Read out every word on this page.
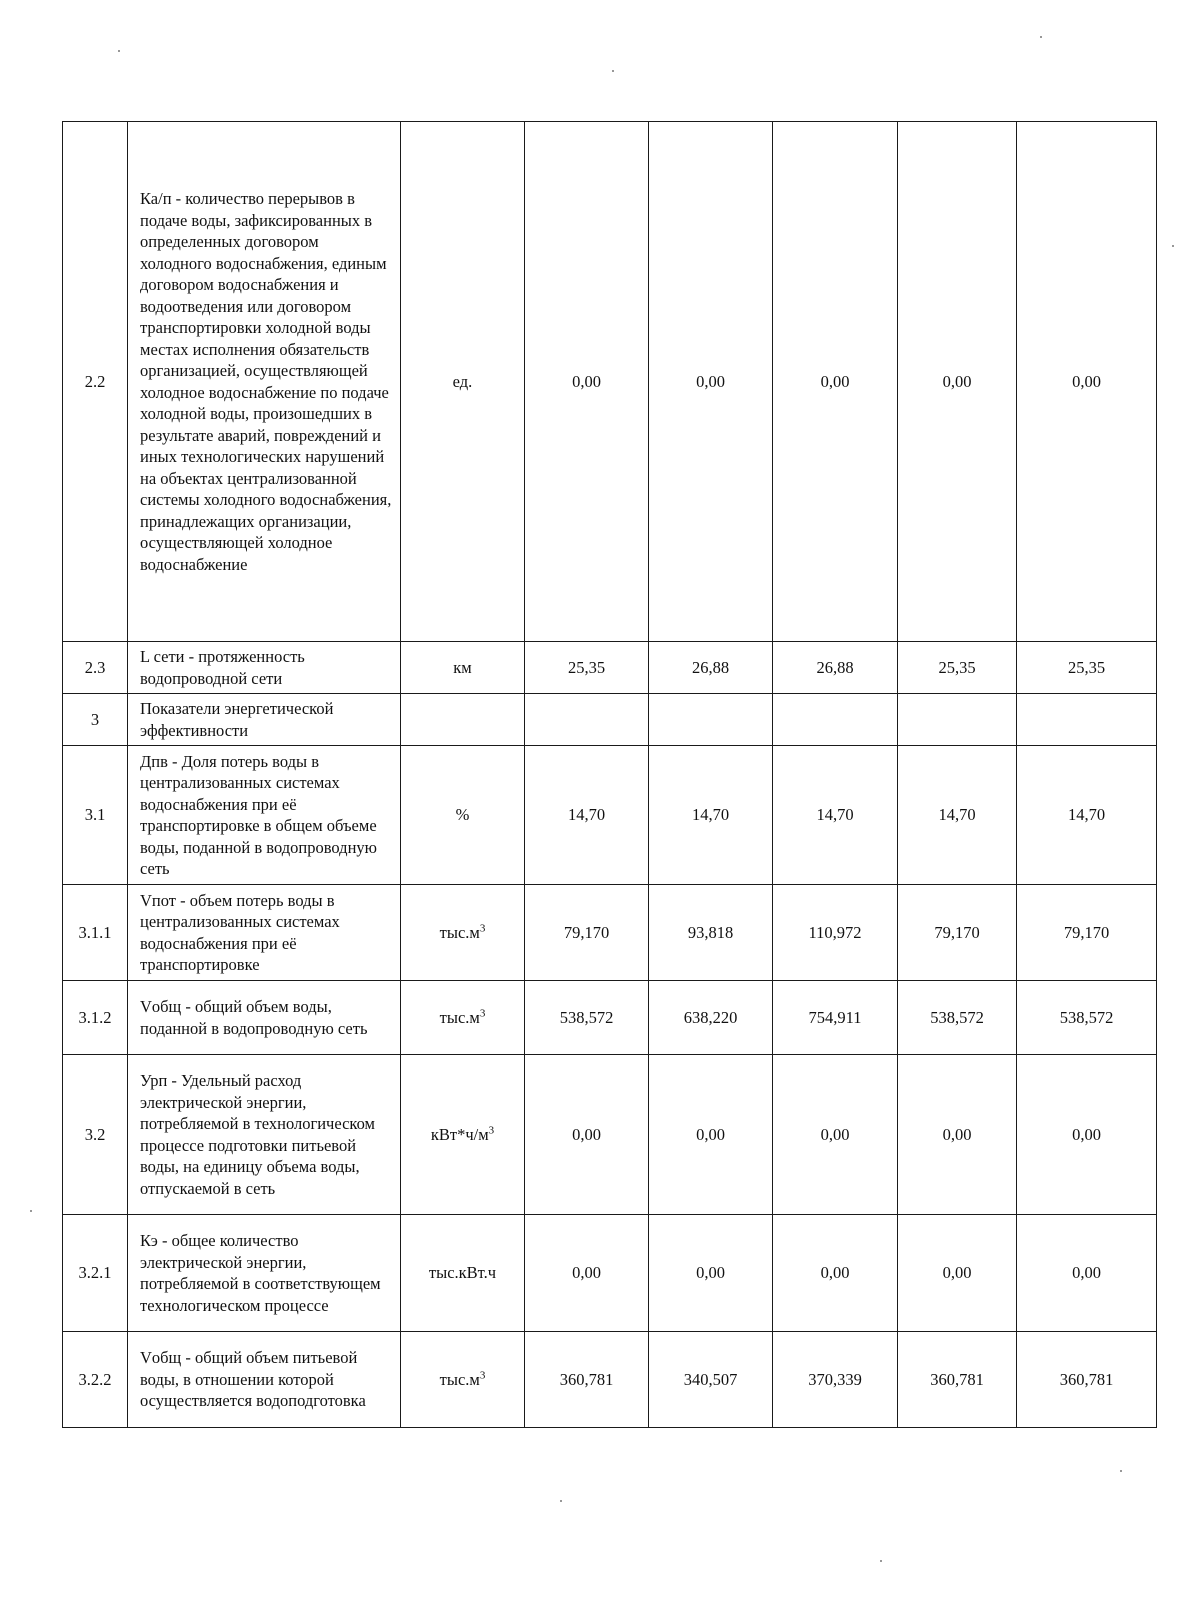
2.2	Ка/п - количество перерывов в подаче воды, зафиксированных в определенных договором холодного водоснабжения, единым договором водоснабжения и водоотведения или договором транспортировки холодной воды местах исполнения обязательств организацией, осуществляющей холодное водоснабжение по подаче холодной воды, произошедших в результате аварий, повреждений и иных технологических нарушений на объектах централизованной системы холодного водоснабжения, принадлежащих организации, осуществляющей холодное водоснабжение	ед.	0,00	0,00	0,00	0,00	0,00
2.3	L сети - протяженность водопроводной сети	км	25,35	26,88	26,88	25,35	25,35
3	Показатели энергетической эффективности						
3.1	Дпв - Доля потерь воды в централизованных системах водоснабжения при её транспортировке в общем объеме воды, поданной в водопроводную сеть	%	14,70	14,70	14,70	14,70	14,70
3.1.1	Vпот - объем потерь воды в централизованных системах водоснабжения при её транспортировке	$тыс.м^3$	79,170	93,818	110,972	79,170	79,170
3.1.2	Vобщ - общий объем воды, поданной в водопроводную сеть	$тыс.м^3$	538,572	638,220	754,911	538,572	538,572
3.2	Урп - Удельный расход электрической энергии, потребляемой в технологическом процессе подготовки питьевой воды, на единицу объема воды, отпускаемой в сеть	$кВт*ч/м^3$	0,00	0,00	0,00	0,00	0,00
3.2.1	Кэ - общее количество электрической энергии, потребляемой в соответствующем технологическом процессе	тыс.кВт.ч	0,00	0,00	0,00	0,00	0,00
3.2.2	Vобщ - общий объем питьевой воды, в отношении которой осуществляется водоподготовка	$тыс.м^3$	360,781	340,507	370,339	360,781	360,781
